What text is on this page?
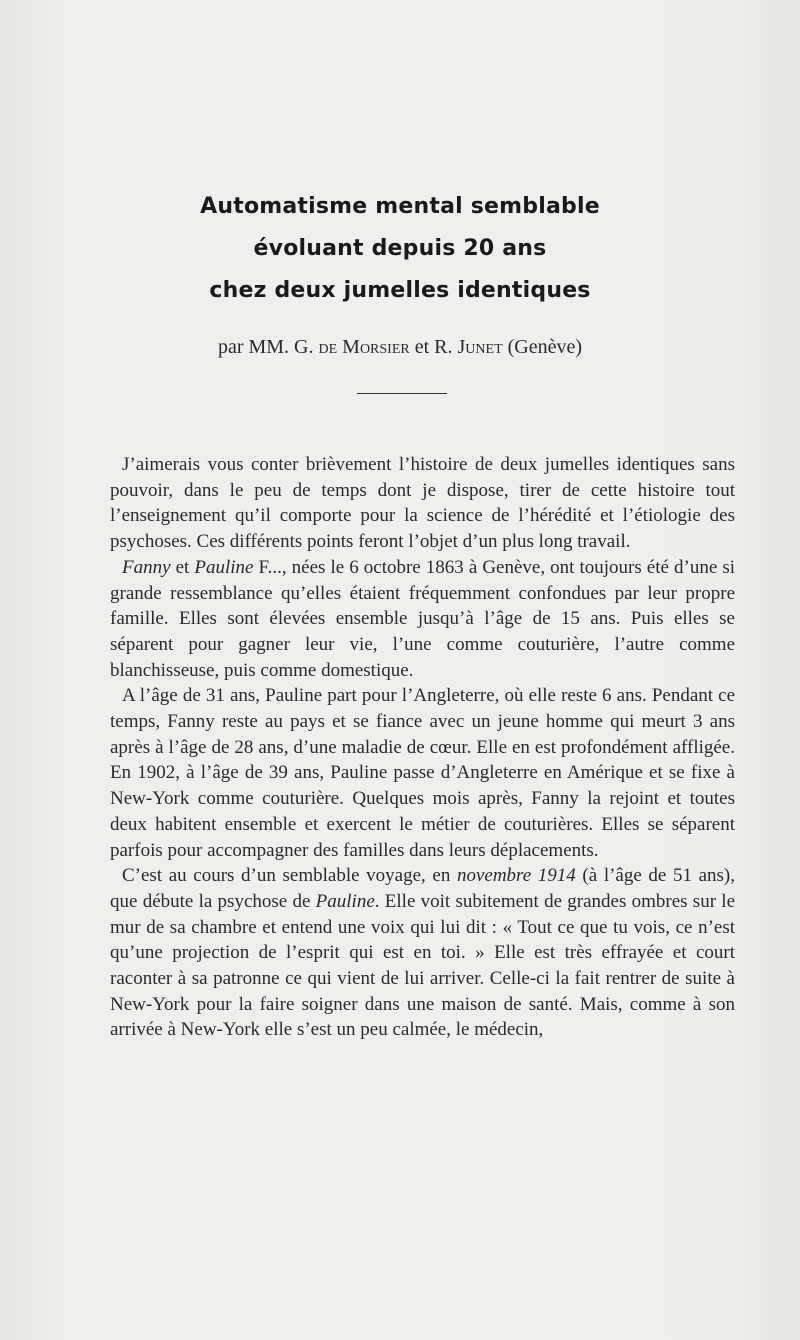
Automatisme mental semblable
évoluant depuis 20 ans
chez deux jumelles identiques
par MM. G. de Morsier et R. Junet (Genève)

J’aimerais vous conter brièvement l’histoire de deux jumelles identiques sans pouvoir, dans le peu de temps dont je dispose, tirer de cette histoire tout l’enseignement qu’il comporte pour la science de l’hérédité et l’étiologie des psychoses. Ces différents points feront l’objet d’un plus long travail.

Fanny et Pauline F..., nées le 6 octobre 1863 à Genève, ont toujours été d’une si grande ressemblance qu’elles étaient fréquemment confondues par leur propre famille. Elles sont élevées ensemble jusqu’à l’âge de 15 ans. Puis elles se séparent pour gagner leur vie, l’une comme couturière, l’autre comme blanchisseuse, puis comme domestique.

A l’âge de 31 ans, Pauline part pour l’Angleterre, où elle reste 6 ans. Pendant ce temps, Fanny reste au pays et se fiance avec un jeune homme qui meurt 3 ans après à l’âge de 28 ans, d’une maladie de cœur. Elle en est profondément affligée. En 1902, à l’âge de 39 ans, Pauline passe d’Angleterre en Amérique et se fixe à New-York comme couturière. Quelques mois après, Fanny la rejoint et toutes deux habitent ensemble et exercent le métier de couturières. Elles se séparent parfois pour accompagner des familles dans leurs déplacements.

C’est au cours d’un semblable voyage, en novembre 1914 (à l’âge de 51 ans), que débute la psychose de Pauline. Elle voit subitement de grandes ombres sur le mur de sa chambre et entend une voix qui lui dit : « Tout ce que tu vois, ce n’est qu’une projection de l’esprit qui est en toi. » Elle est très effrayée et court raconter à sa patronne ce qui vient de lui arriver. Celle-ci la fait rentrer de suite à New-York pour la faire soigner dans une maison de santé. Mais, comme à son arrivée à New-York elle s’est un peu calmée, le médecin,
